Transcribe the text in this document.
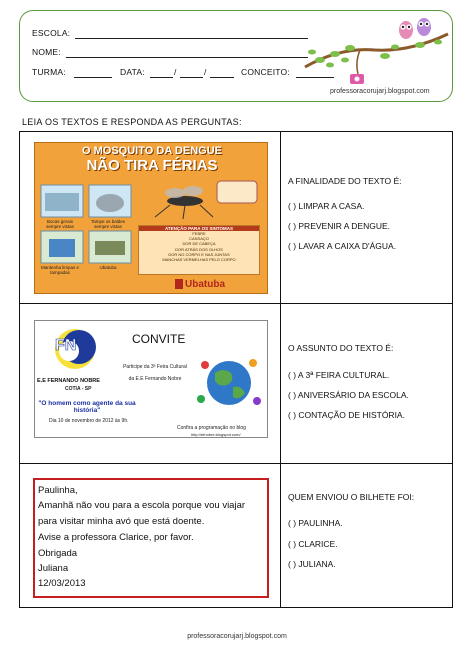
ESCOLA:
NOME:
TURMA:	DATA:	/	/	CONCEITO:
professoracorujarj.blogspot.com
LEIA OS TEXTOS E RESPONDA AS PERGUNTAS:
O MOSQUITO DA DENGUE
NÃO TIRA FÉRIAS
Bocas gerais sempre vistas
Tampe os baldes sempre vistas
Mantenha limpas e tampadas
Ubatuba
ATENÇÃO PARA OS SINTOMAS
FEBRE
CANSAÇO
DOR DE CABEÇA
DOR ATRÁS DOS OLHOS
DOR NO CORPO E NAS JUNTAS
MANCHAS VERMELHAS PELO CORPO
Ubatuba
A FINALIDADE DO TEXTO É:
( ) LIMPAR A CASA.
( ) PREVENIR A DENGUE.
( ) LAVAR A CAIXA D'ÁGUA.
FN
E.E FERNANDO NOBRE
COTIA - SP
CONVITE
Participe da 3ª Feira Cultural
da E.E Fernando Nobre
"O homem como agente da sua história"
Dia 10 de novembro de 2012 às 9h.
Confira a programação no blog
http://efnobre.blogspot.com/
O ASSUNTO DO TEXTO É:
( ) A 3ª FEIRA CULTURAL.
( ) ANIVERSÁRIO DA ESCOLA.
( ) CONTAÇÃO DE HISTÓRIA.
Paulinha,
Amanhã não vou para a escola porque vou viajar
para visitar minha avó que está doente.
Avise a professora Clarice, por favor.
Obrigada
Juliana
12/03/2013
QUEM ENVIOU O BILHETE FOI:
( ) PAULINHA.
( ) CLARICE.
( ) JULIANA.
professoracorujarj.blogspot.com
